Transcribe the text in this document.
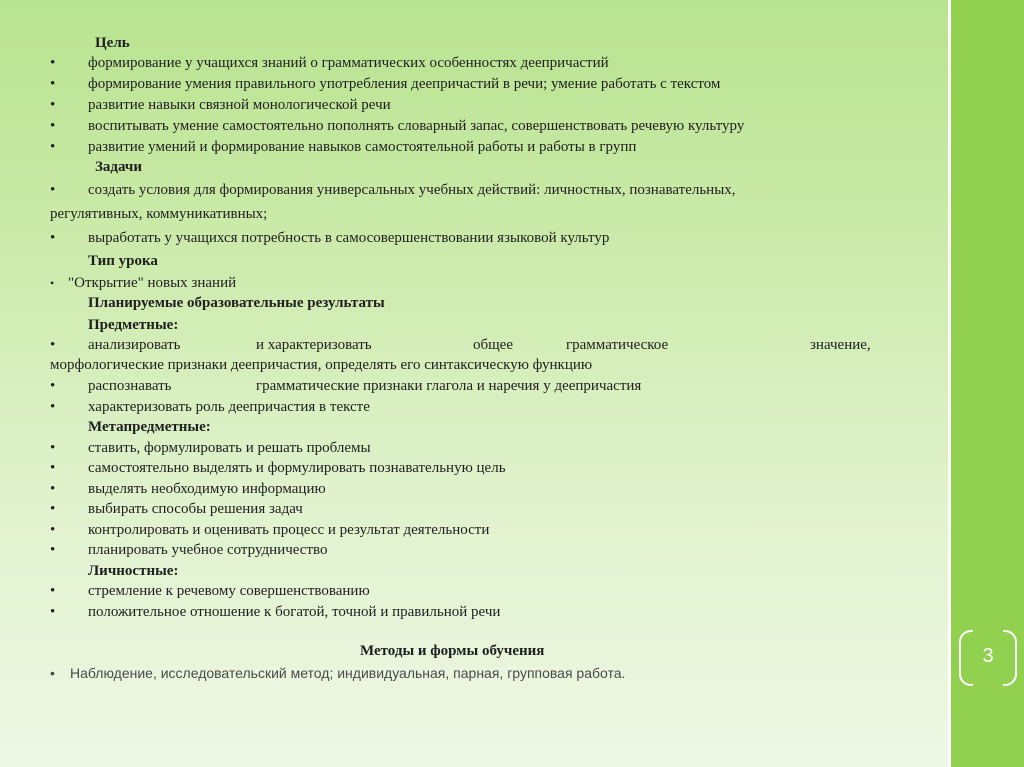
3
Цель
• формирование у учащихся знаний о грамматических особенностях деепричастий
• формирование умения правильного употребления деепричастий в речи; умение работать с текстом
• развитие навыки связной монологической речи
• воспитывать умение самостоятельно пополнять словарный запас, совершенствовать речевую культуру
• развитие умений и формирование навыков самостоятельной работы и работы в групп
Задачи
• создать условия для формирования универсальных учебных действий: личностных, познавательных,
регулятивных, коммуникативных;
• выработать у учащихся потребность в самосовершенствовании языковой культур
Тип урока
• "Открытие" новых знаний
Планируемые образовательные результаты
Предметные:
• анализировать	и характеризовать	общее	грамматическое	значение,
морфологические признаки деепричастия, определять его синтаксическую функцию
• распознавать	грамматические признаки глагола и наречия у деепричастия
• характеризовать роль деепричастия в тексте
Метапредметные:
• ставить, формулировать и решать проблемы
• самостоятельно выделять и формулировать познавательную цель
• выделять необходимую информацию
• выбирать способы решения задач
• контролировать и оценивать процесс и результат деятельности
• планировать учебное сотрудничество
Личностные:
• стремление к речевому совершенствованию
• положительное отношение к богатой, точной и правильной речи
Методы и формы обучения
• Наблюдение, исследовательский метод; индивидуальная, парная, групповая работа.
